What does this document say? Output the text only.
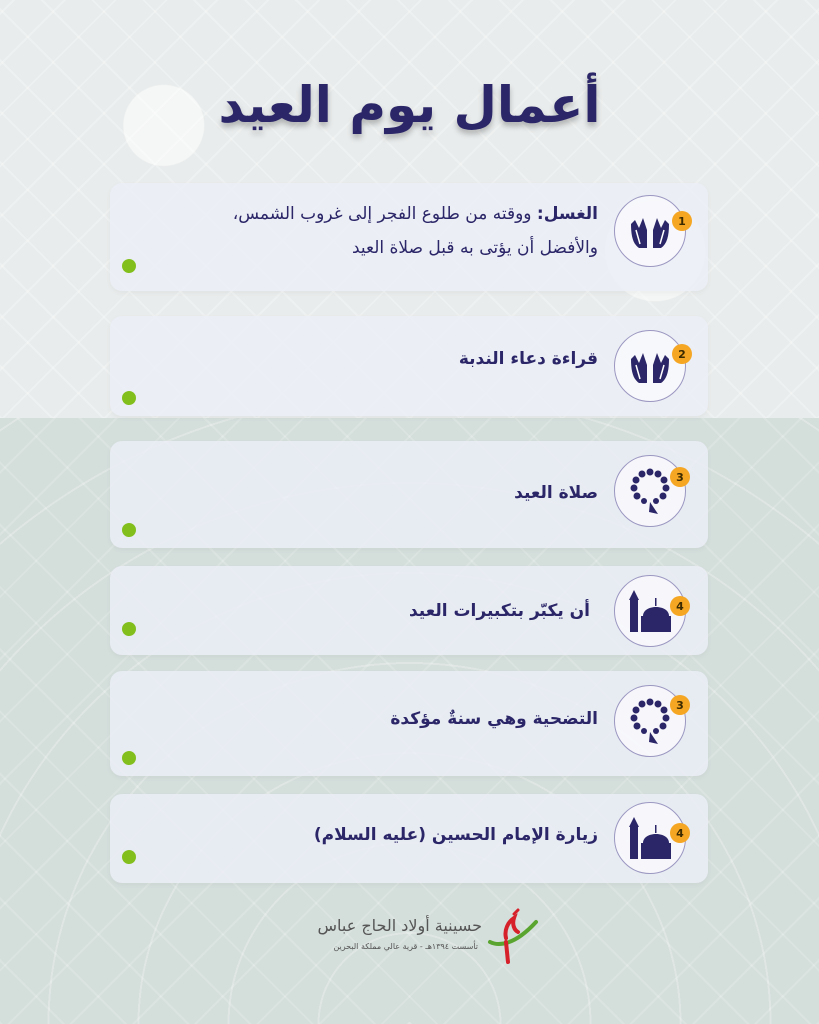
أعمال يوم العيد
1
الغسل: ووقته من طلوع الفجر إلى غروب الشمس،
والأفضل أن يؤتى به قبل صلاة العيد
2
قراءة دعاء الندبة
3
صلاة العيد
4
أن يكبّر بتكبيرات العيد
3
التضحية وهي سنةٌ مؤكدة
4
زيارة الإمام الحسين (عليه السلام)
حسينية أولاد الحاج عباس
تأسست ١٣٩٤هـ - قرية عالي مملكة البحرين
